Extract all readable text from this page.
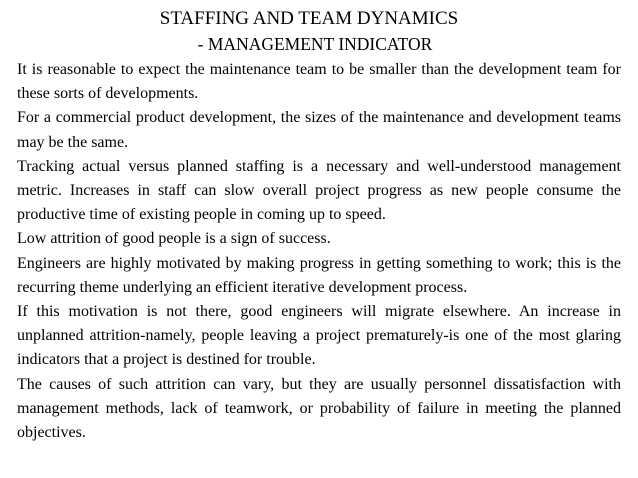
STAFFING AND TEAM DYNAMICS
- MANAGEMENT INDICATOR
It is reasonable to expect the maintenance team to be smaller than the development team for these sorts of developments.
For a commercial product development, the sizes of the maintenance and development teams may be the same.
Tracking actual versus planned staffing is a necessary and well-understood management metric. Increases in staff can slow overall project progress as new people consume the productive time of existing people in coming up to speed.
Low attrition of good people is a sign of success.
Engineers are highly motivated by making progress in getting something to work; this is the recurring theme underlying an efficient iterative development process.
If this motivation is not there, good engineers will migrate elsewhere. An increase in unplanned attrition-namely, people leaving a project prematurely-is one of the most glaring indicators that a project is destined for trouble.
The causes of such attrition can vary, but they are usually personnel dissatisfaction with management methods, lack of teamwork, or probability of failure in meeting the planned objectives.
